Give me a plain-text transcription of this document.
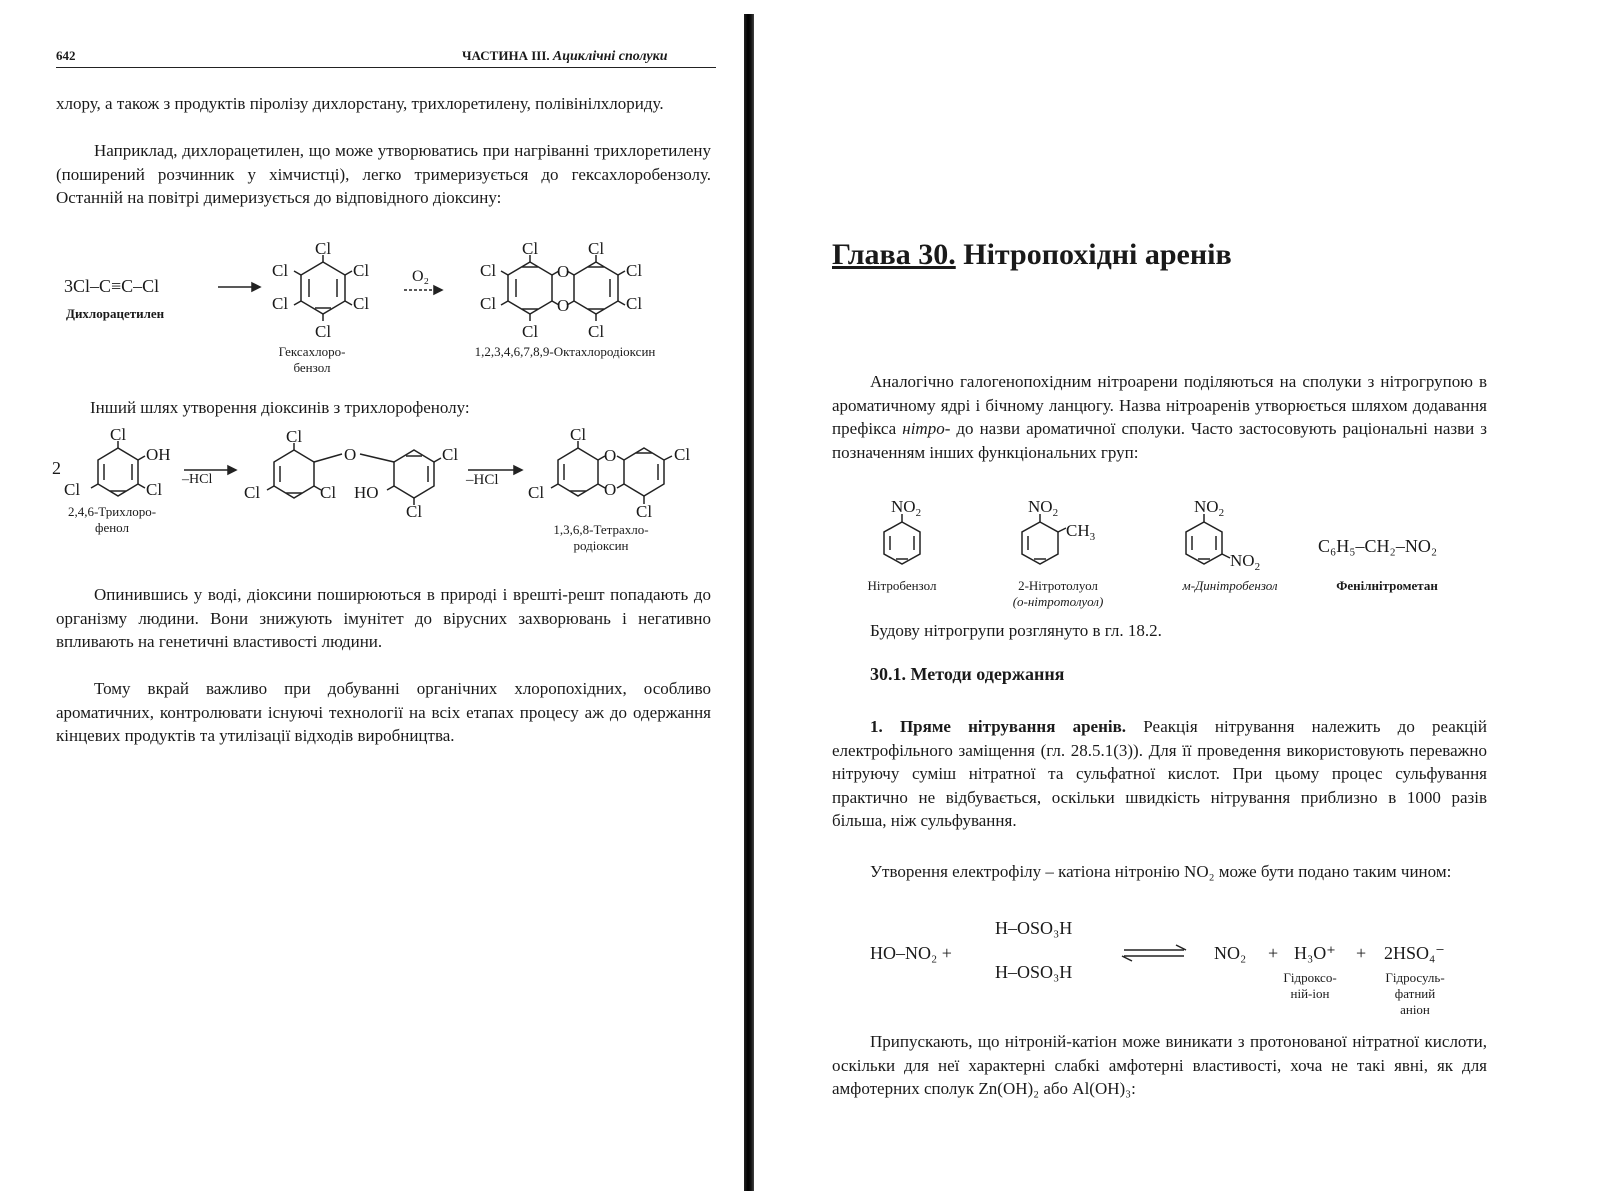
642	ЧАСТИНА III. Ациклічні сполуки

хлору, а також з продуктів піролізу дихлорстану, трихлоретилену, полівінілхлориду.

Наприклад, дихлорацетилен, що може утворюватись при нагріванні трихлоретилену (поширений розчинник у хімчистці), легко тримеризується до гексахлоробензолу. Останній на повітрі димеризується до відповідного діоксину:

3Cl–C≡C–Cl
Дихлорацетилен
Гексахлоро-
бензол
O₂
1,2,3,4,6,7,8,9-Октахлородіоксин
Cl
Cl
Cl
Cl
Cl
Cl
O
O
Cl	Cl
Cl	Cl
Cl
Cl
Cl
Cl

Інший шлях утворення діоксинів з трихлорофенолу:

2
2,4,6-Трихлоро-
фенол
–HCl	–HCl
1,3,6,8-Тетрахло-
родіоксин
Cl
OH
Cl
Cl
Cl
Cl
Cl
O	Cl
Cl
HO
Cl
O
O
Cl
Cl
Cl

Опинившись у воді, діоксини поширюються в природі і врешті-решт попадають до організму людини. Вони знижують імунітет до вірусних захворювань і негативно впливають на генетичні властивості людини.

Тому вкрай важливо при добуванні органічних хлоропохідних, особливо ароматичних, контролювати існуючі технології на всіх етапах процесу аж до одержання кінцевих продуктів та утилізації відходів виробництва.

Глава 30. Нітропохідні аренів

Аналогічно галогенопохідним нітроарени поділяються на сполуки з нітрогрупою в ароматичному ядрі і бічному ланцюгу. Назва нітроаренів утворюється шляхом додавання префікса нітро- до назви ароматичної сполуки. Часто застосовують раціональні назви з позначенням інших функціональних груп:

$NO_2$	$NO_2$
$CH_3$
$NO_2$
$NO_2$
C₆H₅–CH₂–NO₂
Нітробензол	2-Нітротолуол
(о-нітротолуол)
м-Динітробензол	Фенілнітрометан

Будову нітрогрупи розглянуто в гл. 18.2.

30.1. Методи одержання

1. Пряме нітрування аренів. Реакція нітрування належить до реакцій електрофільного заміщення (гл. 28.5.1(3)). Для її проведення використовують переважно нітруючу суміш нітратної та сульфатної кислот. При цьому процес сульфування практично не відбувається, оскільки швидкість нітрування приблизно в 1000 разів більша, ніж сульфування.

Утворення електрофілу – катіона нітронію NO₂ може бути подано таким чином:

HO–NO₂ +
H–OSO₃H
H–OSO₃H
NO₂ + H₃O⁺ + 2HSO₄⁻
Гідроксо-
ній-іон
Гідросуль-
фатний
аніон

Припускають, що нітроній-катіон може виникати з протонованої нітратної кислоти, оскільки для неї характерні слабкі амфотерні властивості, хоча не такі явні, як для амфотерних сполук Zn(OH)₂ або Al(OH)₃:
